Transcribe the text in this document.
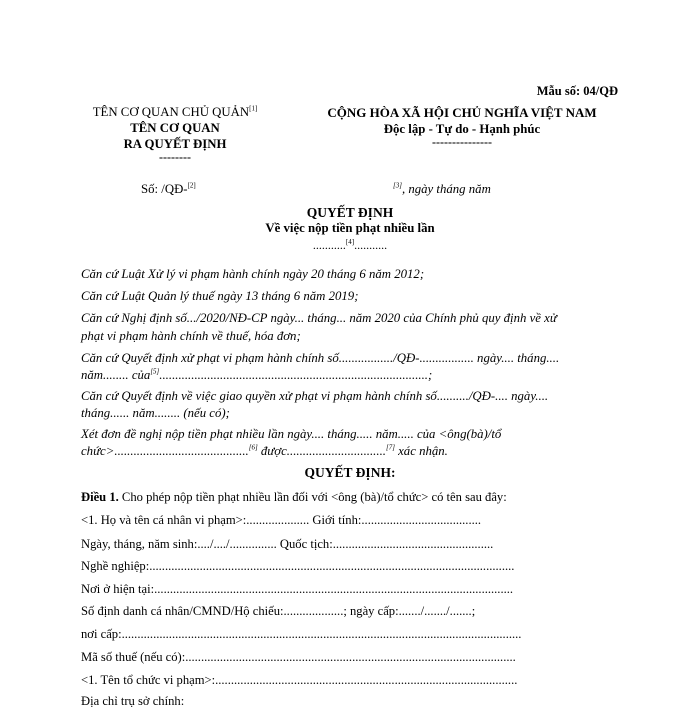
Mẫu số: 04/QĐ
TÊN CƠ QUAN CHỦ QUẢN[1]
TÊN CƠ QUAN
RA QUYẾT ĐỊNH
--------
CỘNG HÒA XÃ HỘI CHỦ NGHĨA VIỆT NAM
Độc lập - Tự do - Hạnh phúc
---------------
Số: /QĐ-[2]	[3], ngày tháng năm
QUYẾT ĐỊNH
Về việc nộp tiền phạt nhiều lần
...........[4]...........
Căn cứ Luật Xử lý vi phạm hành chính ngày 20 tháng 6 năm 2012;
Căn cứ Luật Quản lý thuế ngày 13 tháng 6 năm 2019;
Căn cứ Nghị định số.../2020/NĐ-CP ngày... tháng... năm 2020 của Chính phủ quy định về xử
phạt vi phạm hành chính về thuế, hóa đơn;
Căn cứ Quyết định xử phạt vi phạm hành chính số................./QĐ-................. ngày.... tháng....
năm........ của[5]....................................................................................;
Căn cứ Quyết định về việc giao quyền xử phạt vi phạm hành chính số........../QĐ-.... ngày....
tháng...... năm........ (nếu có);
Xét đơn đề nghị nộp tiền phạt nhiều lần ngày.... tháng..... năm..... của <ông(bà)/tổ
chức>..........................................[6] được...............................[7] xác nhận.
QUYẾT ĐỊNH:
Điều 1. Cho phép nộp tiền phạt nhiều lần đối với <ông (bà)/tổ chức> có tên sau đây:
<1. Họ và tên cá nhân vi phạm>:.................... Giới tính:......................................
Ngày, tháng, năm sinh:..../..../............... Quốc tịch:...................................................
Nghề nghiệp:....................................................................................................................
Nơi ở hiện tại:..................................................................................................................
Số định danh cá nhân/CMND/Hộ chiếu:...................; ngày cấp:......./......./.......;
nơi cấp:...............................................................................................................................
Mã số thuế (nếu có):.........................................................................................................
<1. Tên tổ chức vi phạm>:................................................................................................
Địa chỉ trụ sở chính:
